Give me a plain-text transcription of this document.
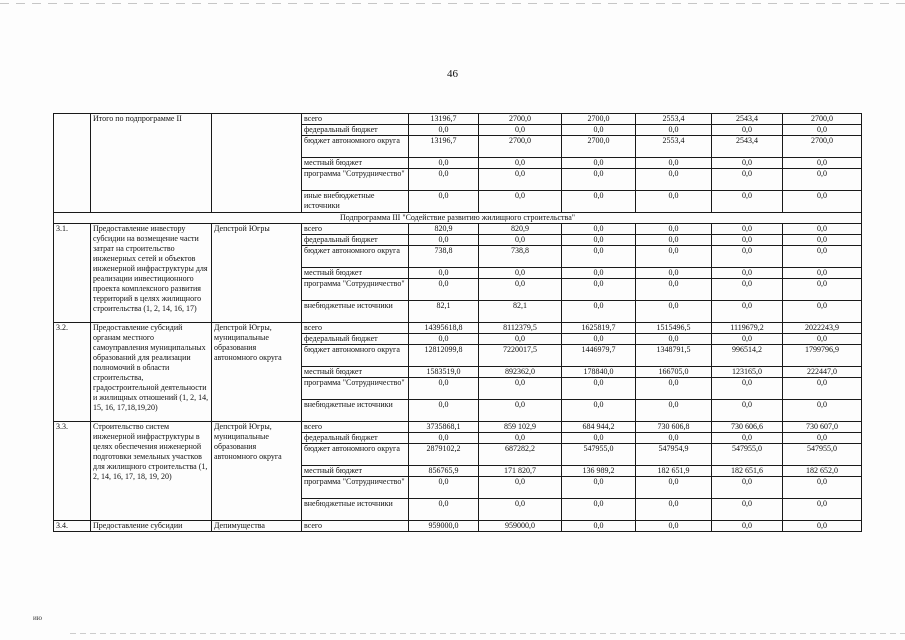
46
	Итого по подпрограмме II		всего	13196,7	2700,0	2700,0	2553,4	2543,4	2700,0
			федеральный бюджет	0,0	0,0	0,0	0,0	0,0	0,0
			бюджет автономного округа	13196,7	2700,0	2700,0	2553,4	2543,4	2700,0
			местный бюджет	0,0	0,0	0,0	0,0	0,0	0,0
			программа "Сотрудничество"	0,0	0,0	0,0	0,0	0,0	0,0
			иные внебюджетные источники	0,0	0,0	0,0	0,0	0,0	0,0
Подпрограмма III "Содействие развитию жилищного строительства"									
3.1.	Предоставление инвестору субсидии на возмещение части затрат на строительство инженерных сетей и объектов инженерной инфраструктуры для реализации инвестиционного проекта комплексного развития территорий в целях жилищного строительства (1, 2, 14, 16, 17)	Депстрой Югры	всего	820,9	820,9	0,0	0,0	0,0	0,0
			федеральный бюджет	0,0	0,0	0,0	0,0	0,0	0,0
			бюджет автономного округа	738,8	738,8	0,0	0,0	0,0	0,0
			местный бюджет	0,0	0,0	0,0	0,0	0,0	0,0
			программа "Сотрудничество"	0,0	0,0	0,0	0,0	0,0	0,0
			внебюджетные источники	82,1	82,1	0,0	0,0	0,0	0,0
3.2.	Предоставление субсидий органам местного самоуправления муниципальных образований для реализации полномочий в области строительства, градостроительной деятельности и жилищных отношений (1, 2, 14, 15, 16, 17,18,19,20)	Депстрой Югры, муниципальные образования автономного округа	всего	14395618,8	8112379,5	1625819,7	1515496,5	1119679,2	2022243,9
			федеральный бюджет	0,0	0,0	0,0	0,0	0,0	0,0
			бюджет автономного округа	12812099,8	7220017,5	1446979,7	1348791,5	996514,2	1799796,9
			местный бюджет	1583519,0	892362,0	178840,0	166705,0	123165,0	222447,0
			программа "Сотрудничество"	0,0	0,0	0,0	0,0	0,0	0,0
			внебюджетные источники	0,0	0,0	0,0	0,0	0,0	0,0
3.3.	Строительство систем инженерной инфраструктуры в целях обеспечения инженерной подготовки земельных участков для жилищного строительства (1, 2, 14, 16, 17, 18, 19, 20)	Депстрой Югры, муниципальные образования автономного округа	всего	3735868,1	859 102,9	684 944,2	730 606,8	730 606,6	730 607,0
			федеральный бюджет	0,0	0,0	0,0	0,0	0,0	0,0
			бюджет автономного округа	2879102,2	687282,2	547955,0	547954,9	547955,0	547955,0
			местный бюджет	856765,9	171 820,7	136 989,2	182 651,9	182 651,6	182 652,0
			программа "Сотрудничество"	0,0	0,0	0,0	0,0	0,0	0,0
			внебюджетные источники	0,0	0,0	0,0	0,0	0,0	0,0
3.4.	Предоставление субсидии	Депимущества	всего	959000,0	959000,0	0,0	0,0	0,0	0,0
ию
